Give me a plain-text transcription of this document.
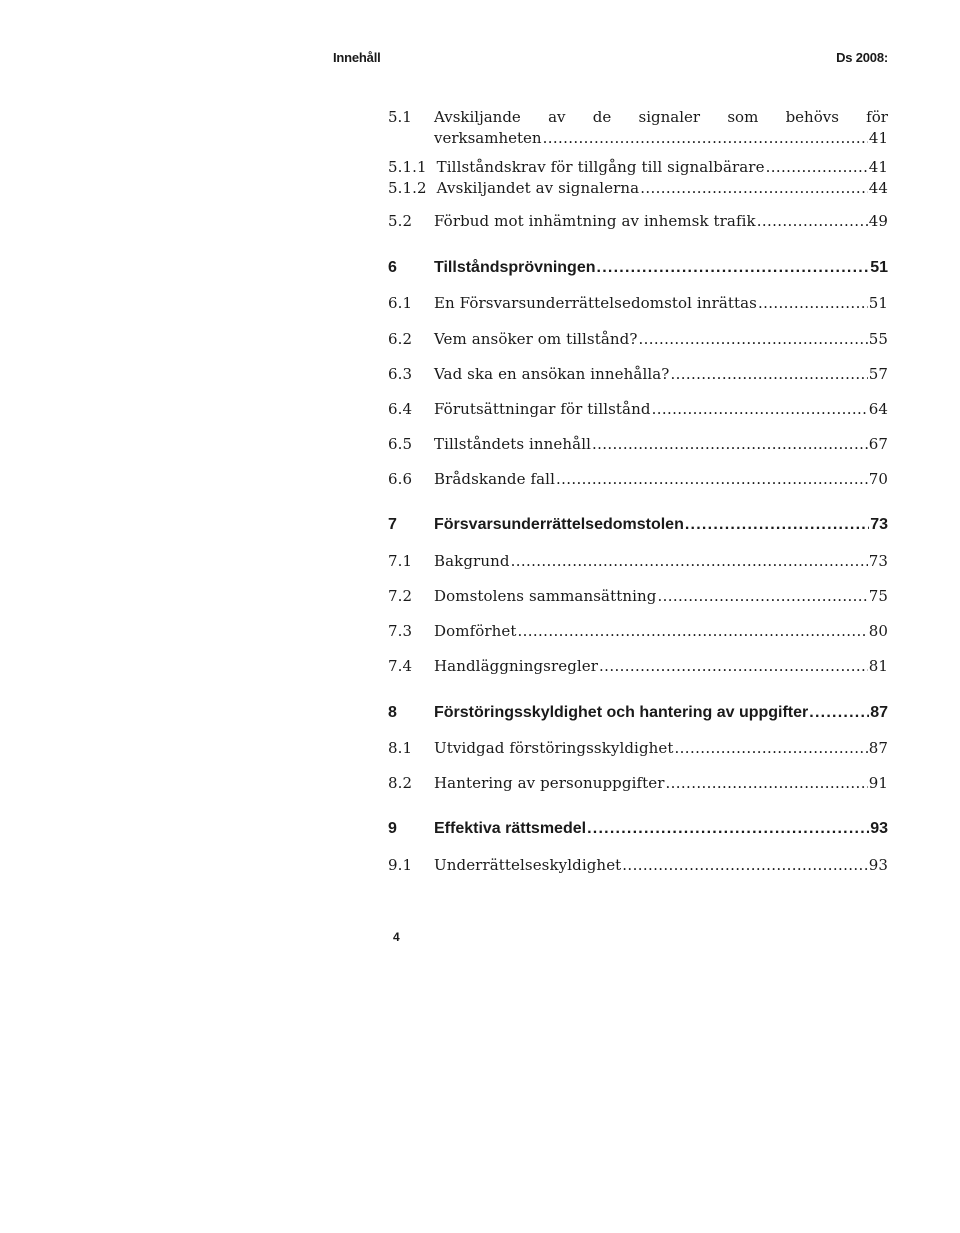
Innehåll	Ds 2008:
5.1	Avskiljande av de signaler som behövs för
verksamheten . . .	41
5.1.1 Tillståndskrav för tillgång till signalbärare . . .	41
5.1.2 Avskiljandet av signalerna . . .	44
5.2	Förbud mot inhämtning av inhemsk trafik . . .	49
6	Tillståndsprövningen . . .	51
6.1	En Försvarsunderrättelsedomstol inrättas . . .	51
6.2	Vem ansöker om tillstånd? . . .	55
6.3	Vad ska en ansökan innehålla? . . .	57
6.4	Förutsättningar för tillstånd . . .	64
6.5	Tillståndets innehåll . . .	67
6.6	Brådskande fall . . .	70
7	Försvarsunderrättelsedomstolen . . .	73
7.1	Bakgrund . . .	73
7.2	Domstolens sammansättning . . .	75
7.3	Domförhet . . .	80
7.4	Handläggningsregler . . .	81
8	Förstöringsskyldighet och hantering av uppgifter . . .	87
8.1	Utvidgad förstöringsskyldighet . . .	87
8.2	Hantering av personuppgifter . . .	91
9	Effektiva rättsmedel . . .	93
9.1	Underrättelseskyldighet . . .	93
4
